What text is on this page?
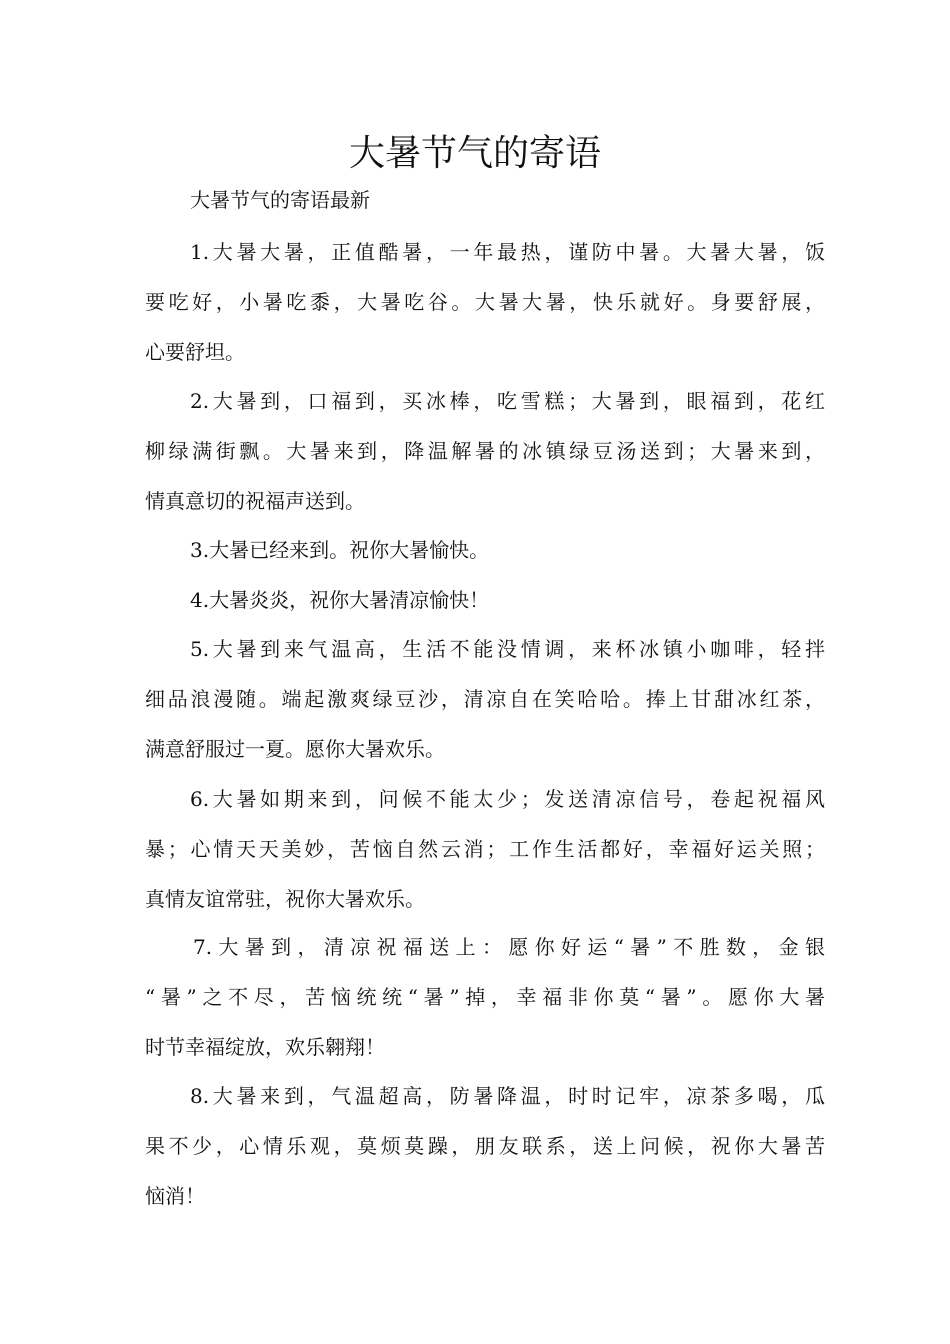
大暑节气的寄语

大暑节气的寄语最新

1.大暑大暑，正值酷暑，一年最热，谨防中暑。大暑大暑，饭
要吃好，小暑吃黍，大暑吃谷。大暑大暑，快乐就好。身要舒展，
心要舒坦。

2.大暑到，口福到，买冰棒，吃雪糕；大暑到，眼福到，花红
柳绿满街飘。大暑来到，降温解暑的冰镇绿豆汤送到；大暑来到，
情真意切的祝福声送到。

3.大暑已经来到。祝你大暑愉快。

4.大暑炎炎，祝你大暑清凉愉快！

5.大暑到来气温高，生活不能没情调，来杯冰镇小咖啡，轻拌
细品浪漫随。端起激爽绿豆沙，清凉自在笑哈哈。捧上甘甜冰红茶，
满意舒服过一夏。愿你大暑欢乐。

6.大暑如期来到，问候不能太少；发送清凉信号，卷起祝福风
暴；心情天天美妙，苦恼自然云消；工作生活都好，幸福好运关照；
真情友谊常驻，祝你大暑欢乐。

7.大暑到，清凉祝福送上：愿你好运“暑”不胜数，金银
“暑”之不尽，苦恼统统“暑”掉，幸福非你莫“暑”。愿你大暑
时节幸福绽放，欢乐翱翔！

8.大暑来到，气温超高，防暑降温，时时记牢，凉茶多喝，瓜
果不少，心情乐观，莫烦莫躁，朋友联系，送上问候，祝你大暑苦
恼消！
